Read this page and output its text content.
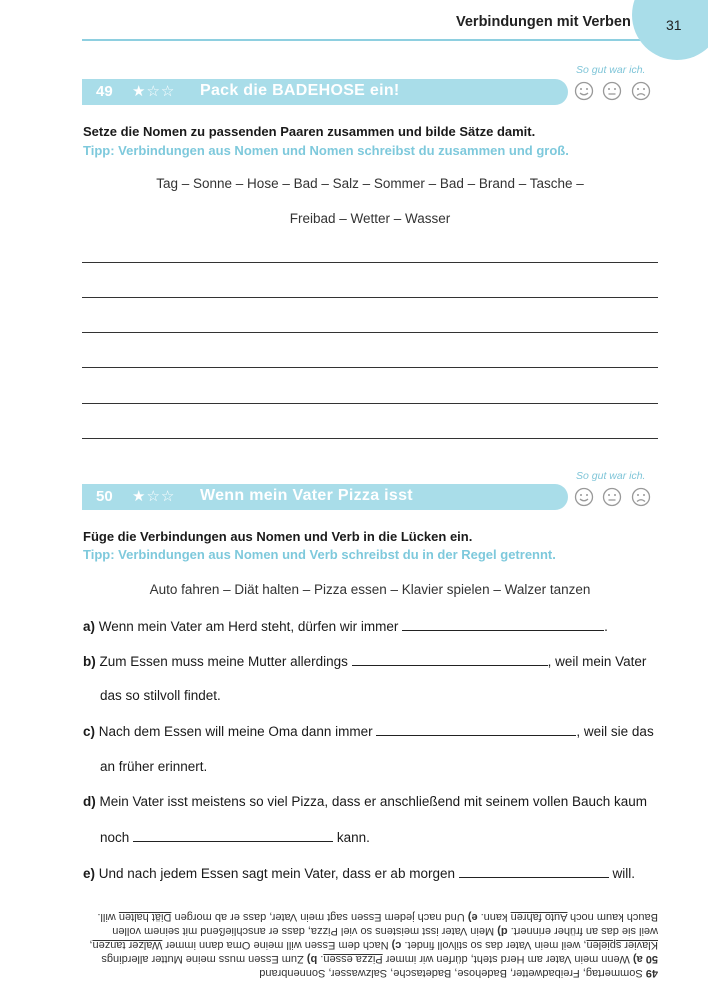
Verbindungen mit Verben	31
So gut war ich.

49 ★☆☆ Pack die BADEHOSE ein!
Setze die Nomen zu passenden Paaren zusammen und bilde Sätze damit.
Tipp: Verbindungen aus Nomen und Nomen schreibst du zusammen und groß.
Tag – Sonne – Hose – Bad – Salz – Sommer – Bad – Brand – Tasche –
Freibad – Wetter – Wasser
So gut war ich.

50 ★☆☆ Wenn mein Vater Pizza isst
Füge die Verbindungen aus Nomen und Verb in die Lücken ein.
Tipp: Verbindungen aus Nomen und Verb schreibst du in der Regel getrennt.
Auto fahren – Diät halten – Pizza essen – Klavier spielen – Walzer tanzen
a) Wenn mein Vater am Herd steht, dürfen wir immer	.
b) Zum Essen muss meine Mutter allerdings	, weil mein Vater
das so stilvoll findet.
c) Nach dem Essen will meine Oma dann immer	, weil sie das
an früher erinnert.
d) Mein Vater isst meistens so viel Pizza, dass er anschließend mit seinem vollen Bauch kaum
noch	kann.
e) Und nach jedem Essen sagt mein Vater, dass er ab morgen	will.

49 Sommertag, Freibadwetter, Badehose, Badetasche, Salzwasser, Sonnenbrand

50 a) Wenn mein Vater am Herd steht, dürfen wir immer Pizza essen. b) Zum Essen muss meine Mutter allerdings

Klavier spielen, weil mein Vater das so stilvoll findet. c) Nach dem Essen will meine Oma dann immer Walzer tanzen,

weil sie das an früher erinnert. d) Mein Vater isst meistens so viel Pizza, dass er anschließend mit seinem vollen

Bauch kaum noch Auto fahren kann. e) Und nach jedem Essen sagt mein Vater, dass er ab morgen Diät halten will.
